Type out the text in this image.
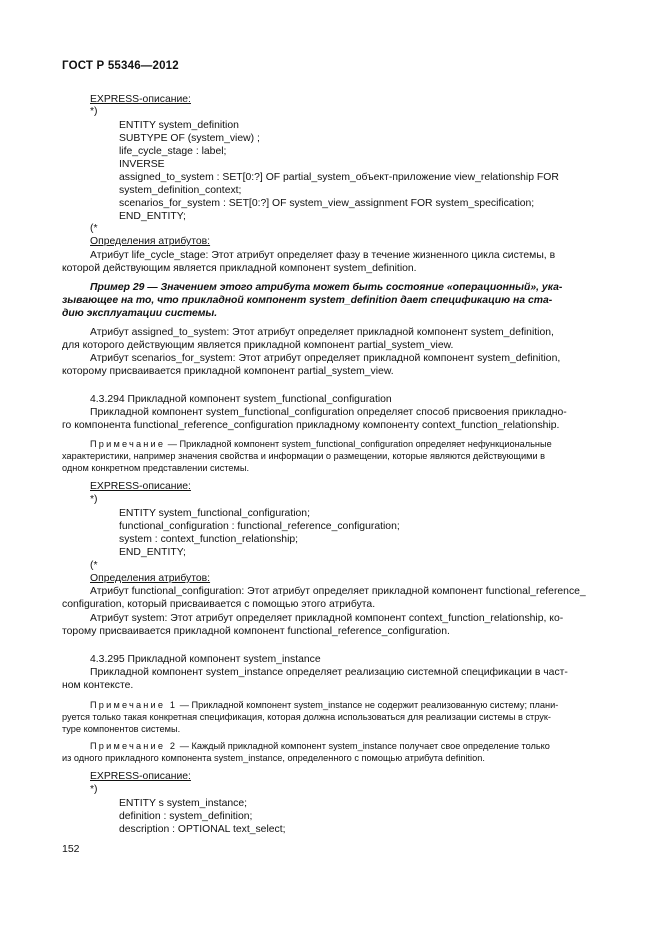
ГОСТ Р 55346—2012
EXPRESS-описание:
*)
ENTITY system_definition
SUBTYPE OF (system_view) ;
life_cycle_stage : label;
INVERSE
assigned_to_system : SET[0:?] OF partial_system_объект-приложение view_relationship FOR
system_definition_context;
scenarios_for_system : SET[0:?] OF system_view_assignment FOR system_specification;
END_ENTITY;
(*
Определения атрибутов:
Атрибут life_cycle_stage: Этот атрибут определяет фазу в течение жизненного цикла системы, в
которой действующим является прикладной компонент system_definition.
Пример 29 — Значением этого атрибута может быть состояние «операционный», ука-
зывающее на то, что прикладной компонент system_definition дает спецификацию на ста-
дию эксплуатации системы.
Атрибут assigned_to_system: Этот атрибут определяет прикладной компонент system_definition,
для которого действующим является прикладной компонент partial_system_view.
Атрибут scenarios_for_system: Этот атрибут определяет прикладной компонент system_definition,
которому присваивается прикладной компонент partial_system_view.
4.3.294 Прикладной компонент system_functional_configuration
Прикладной компонент system_functional_configuration определяет способ присвоения прикладно-
го компонента functional_reference_configuration прикладному компоненту context_function_relationship.
Примечание — Прикладной компонент system_functional_configuration определяет нефункциональные
характеристики, например значения свойства и информации о размещении, которые являются действующими в
одном конкретном представлении системы.
EXPRESS-описание:
*)
ENTITY system_functional_configuration;
functional_configuration : functional_reference_configuration;
system : context_function_relationship;
END_ENTITY;
(*
Определения атрибутов:
Атрибут functional_configuration: Этот атрибут определяет прикладной компонент functional_reference_
configuration, который присваивается с помощью этого атрибута.
Атрибут system: Этот атрибут определяет прикладной компонент context_function_relationship, ко-
торому присваивается прикладной компонент functional_reference_configuration.
4.3.295 Прикладной компонент system_instance
Прикладной компонент system_instance определяет реализацию системной спецификации в част-
ном контексте.
Примечание 1 — Прикладной компонент system_instance не содержит реализованную систему; плани-
руется только такая конкретная спецификация, которая должна использоваться для реализации системы в струк-
туре компонентов системы.
Примечание 2 — Каждый прикладной компонент system_instance получает свое определение только
из одного прикладного компонента system_instance, определенного с помощью атрибута definition.
EXPRESS-описание:
*)
ENTITY s system_instance;
definition : system_definition;
description : OPTIONAL text_select;
152
